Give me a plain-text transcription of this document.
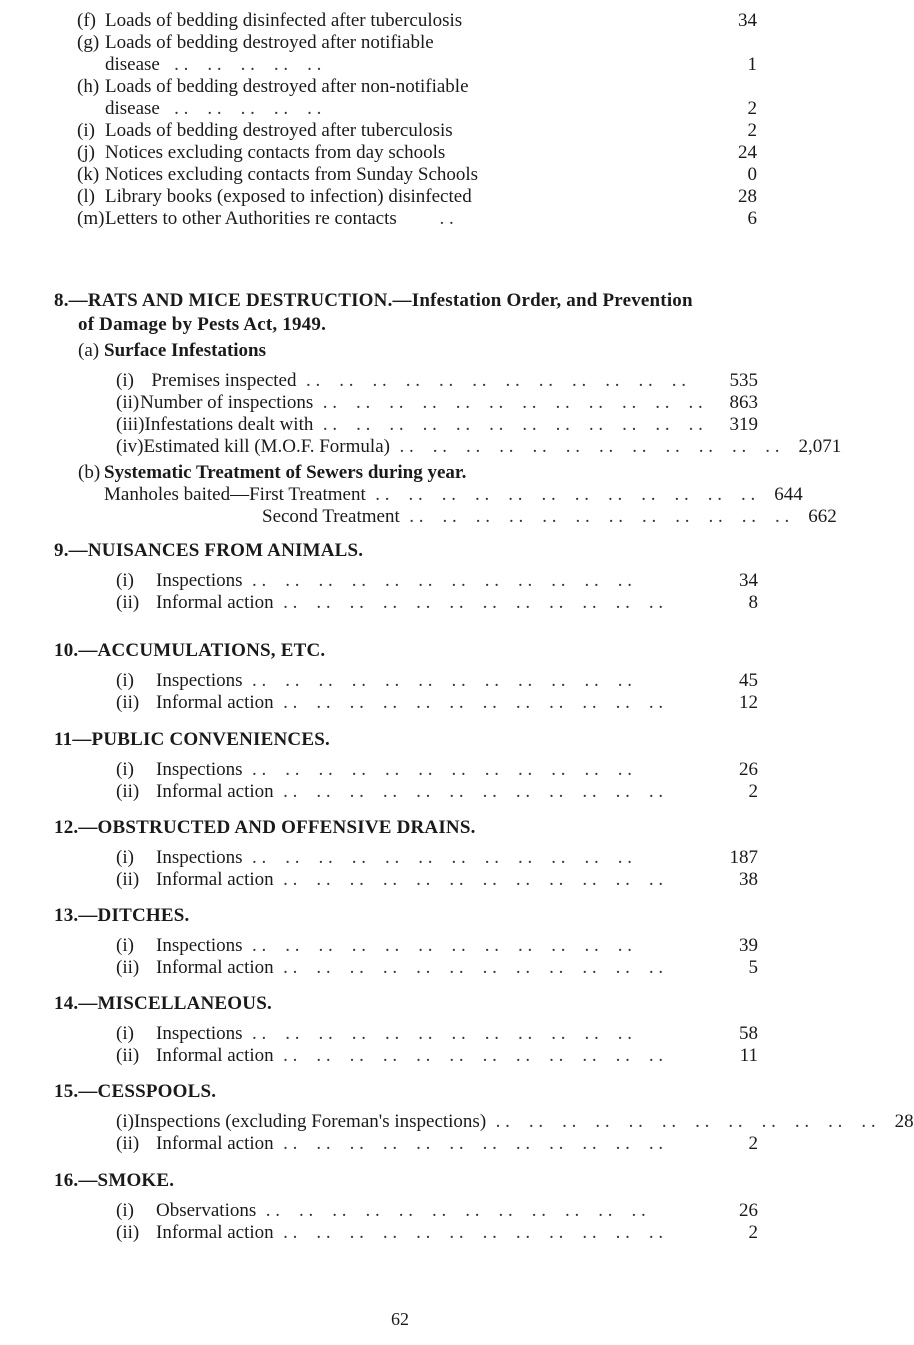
(f) Loads of bedding disinfected after tuberculosis	34
(g) Loads of bedding destroyed after notifiable
disease   . .    . .    . .    . .    . .	1
(h) Loads of bedding destroyed after non-notifiable
disease   . .    . .    . .    . .    . .	2
(i) Loads of bedding destroyed after tuberculosis	2
(j) Notices excluding contacts from day schools	24
(k) Notices excluding contacts from Sunday Schools	0
(l) Library books (exposed to infection) disinfected	28
(m) Letters to other Authorities re contacts         . .	6
8.—RATS AND MICE DESTRUCTION.—Infestation Order, and Prevention
of Damage by Pests Act, 1949.
(a) Surface Infestations
(i) Premises inspected  . .    . .    . .    . .    . .    . .    . .    . .    . .    . .    . .    . .	535
(ii) Number of inspections  . .    . .    . .    . .    . .    . .    . .    . .    . .    . .    . .    . . 863
(iii) Infestations dealt with  . .    . .    . .    . .    . .    . .    . .    . .    . .    . .    . .    . . 319
(iv) Estimated kill (M.O.F. Formula)  . .    . .    . .    . .    . .    . .    . .    . .    . .    . .    . .    . . 2,071
(b) Systematic Treatment of Sewers during year.
Manholes baited—First Treatment  . .    . .    . .    . .    . .    . .    . .    . .    . .    . .    . .    . . 644
Second Treatment  . .    . .    . .    . .    . .    . .    . .    . .    . .    . .    . .    . . 662
9.—NUISANCES FROM ANIMALS.
(i)	Inspections  . .    . .    . .    . .    . .    . .    . .    . .    . .    . .    . .    . .	34
(ii) Informal action  . .    . .    . .    . .    . .    . .    . .    . .    . .    . .    . .    . .	8
10.—ACCUMULATIONS, ETC.
(i)	Inspections  . .    . .    . .    . .    . .    . .    . .    . .    . .    . .    . .    . .	45
(ii) Informal action  . .    . .    . .    . .    . .    . .    . .    . .    . .    . .    . .    . .	12
11—PUBLIC CONVENIENCES.
(i)	Inspections  . .    . .    . .    . .    . .    . .    . .    . .    . .    . .    . .    . .	26
(ii) Informal action  . .    . .    . .    . .    . .    . .    . .    . .    . .    . .    . .    . .	2
12.—OBSTRUCTED AND OFFENSIVE DRAINS.
(i)	Inspections  . .    . .    . .    . .    . .    . .    . .    . .    . .    . .    . .    . .	187
(ii) Informal action  . .    . .    . .    . .    . .    . .    . .    . .    . .    . .    . .    . .	38
13.—DITCHES.
(i)	Inspections  . .    . .    . .    . .    . .    . .    . .    . .    . .    . .    . .    . .	39
(ii) Informal action  . .    . .    . .    . .    . .    . .    . .    . .    . .    . .    . .    . .	5
14.—MISCELLANEOUS.
(i)	Inspections  . .    . .    . .    . .    . .    . .    . .    . .    . .    . .    . .    . .	58
(ii) Informal action  . .    . .    . .    . .    . .    . .    . .    . .    . .    . .    . .    . .	11
15.—CESSPOOLS.
(i) Inspections (excluding Foreman's inspections)  . .    . .    . .    . .    . .    . .    . .    . .    . .    . .    . .    . . 28
(ii) Informal action  . .    . .    . .    . .    . .    . .    . .    . .    . .    . .    . .    . .	2
16.—SMOKE.
(i)	Observations  . .    . .    . .    . .    . .    . .    . .    . .    . .    . .    . .    . .	26
(ii) Informal action  . .    . .    . .    . .    . .    . .    . .    . .    . .    . .    . .    . .	2
62
